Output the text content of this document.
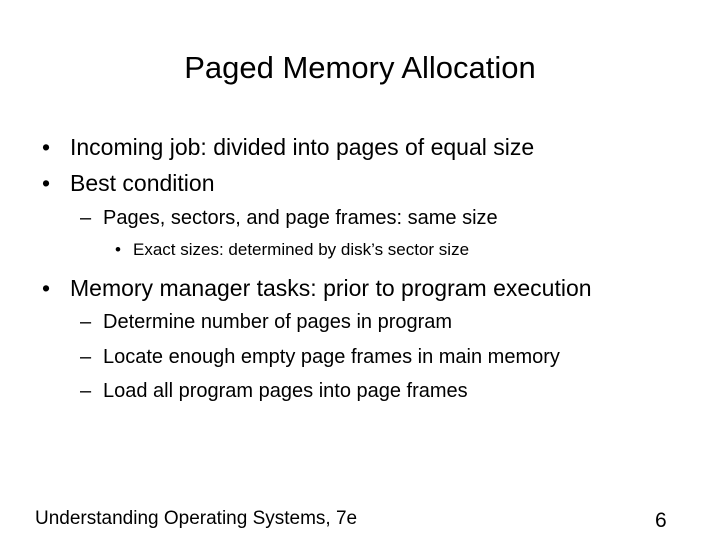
Paged Memory Allocation
• Incoming job: divided into pages of equal size
• Best condition
– Pages, sectors, and page frames: same size
• Exact sizes: determined by disk’s sector size
• Memory manager tasks: prior to program execution
– Determine number of pages in program
– Locate enough empty page frames in main memory
– Load all program pages into page frames
Understanding Operating Systems, 7e	6
